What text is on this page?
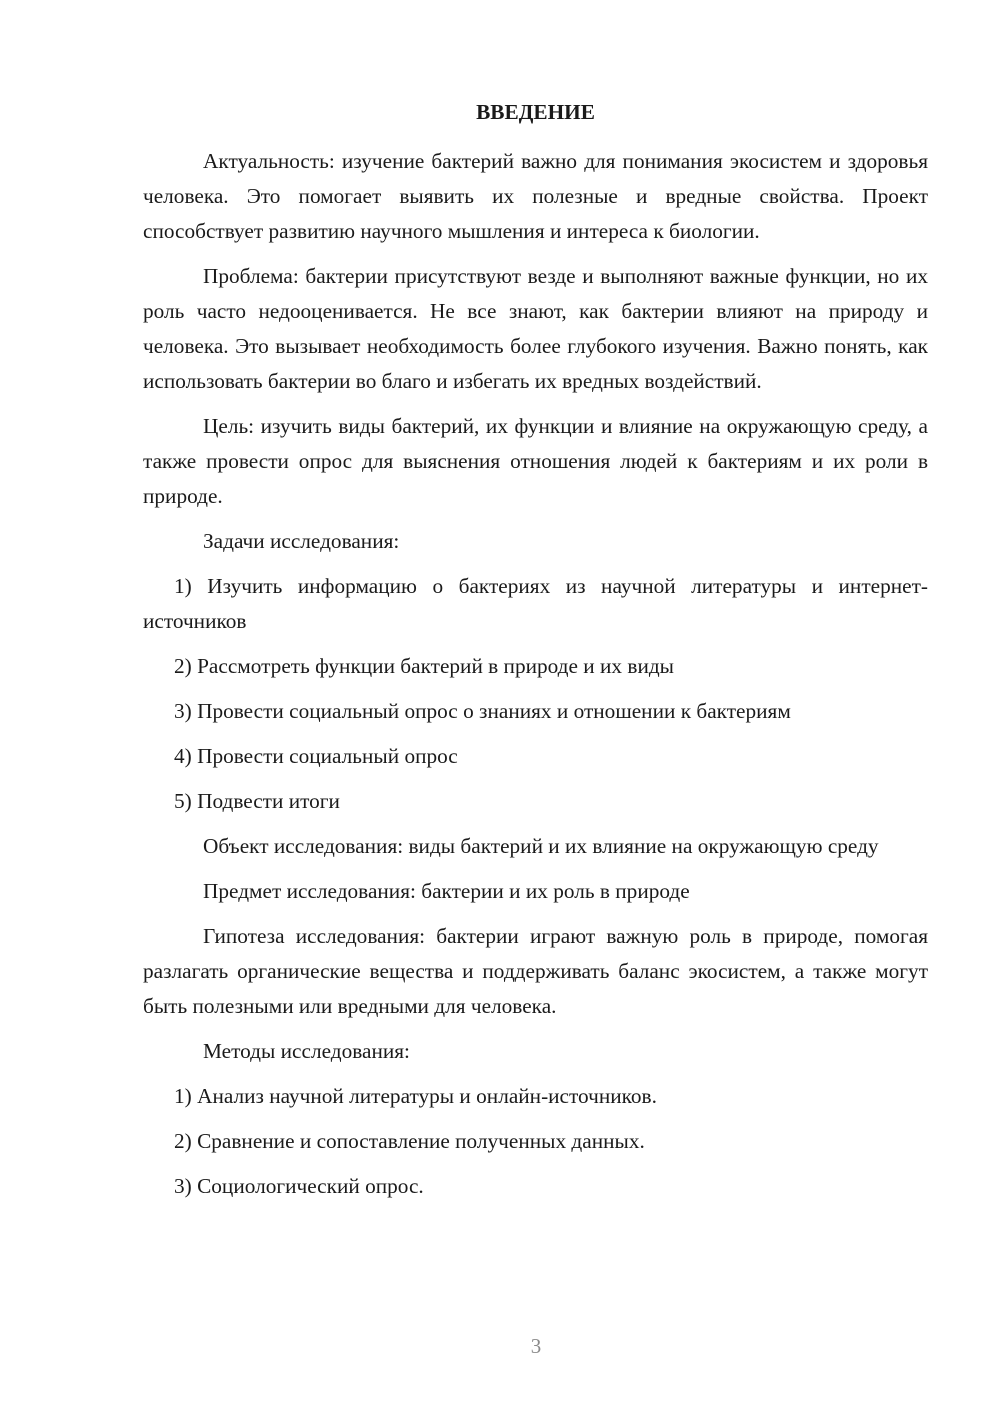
ВВЕДЕНИЕ

Актуальность: изучение бактерий важно для понимания экосистем и здоровья человека. Это помогает выявить их полезные и вредные свойства. Проект способствует развитию научного мышления и интереса к биологии.

Проблема: бактерии присутствуют везде и выполняют важные функции, но их роль часто недооценивается. Не все знают, как бактерии влияют на природу и человека. Это вызывает необходимость более глубокого изучения. Важно понять, как использовать бактерии во благо и избегать их вредных воздействий.

Цель: изучить виды бактерий, их функции и влияние на окружающую среду, а также провести опрос для выяснения отношения людей к бактериям и их роли в природе.

Задачи исследования:

1) Изучить информацию о бактериях из научной литературы и интернет-источников

2) Рассмотреть функции бактерий в природе и их виды

3) Провести социальный опрос о знаниях и отношении к бактериям

4) Провести социальный опрос

5) Подвести итоги

Объект исследования: виды бактерий и их влияние на окружающую среду

Предмет исследования: бактерии и их роль в природе

Гипотеза исследования: бактерии играют важную роль в природе, помогая разлагать органические вещества и поддерживать баланс экосистем, а также могут быть полезными или вредными для человека.

Методы исследования:

1) Анализ научной литературы и онлайн-источников.

2) Сравнение и сопоставление полученных данных.

3) Социологический опрос.

3
